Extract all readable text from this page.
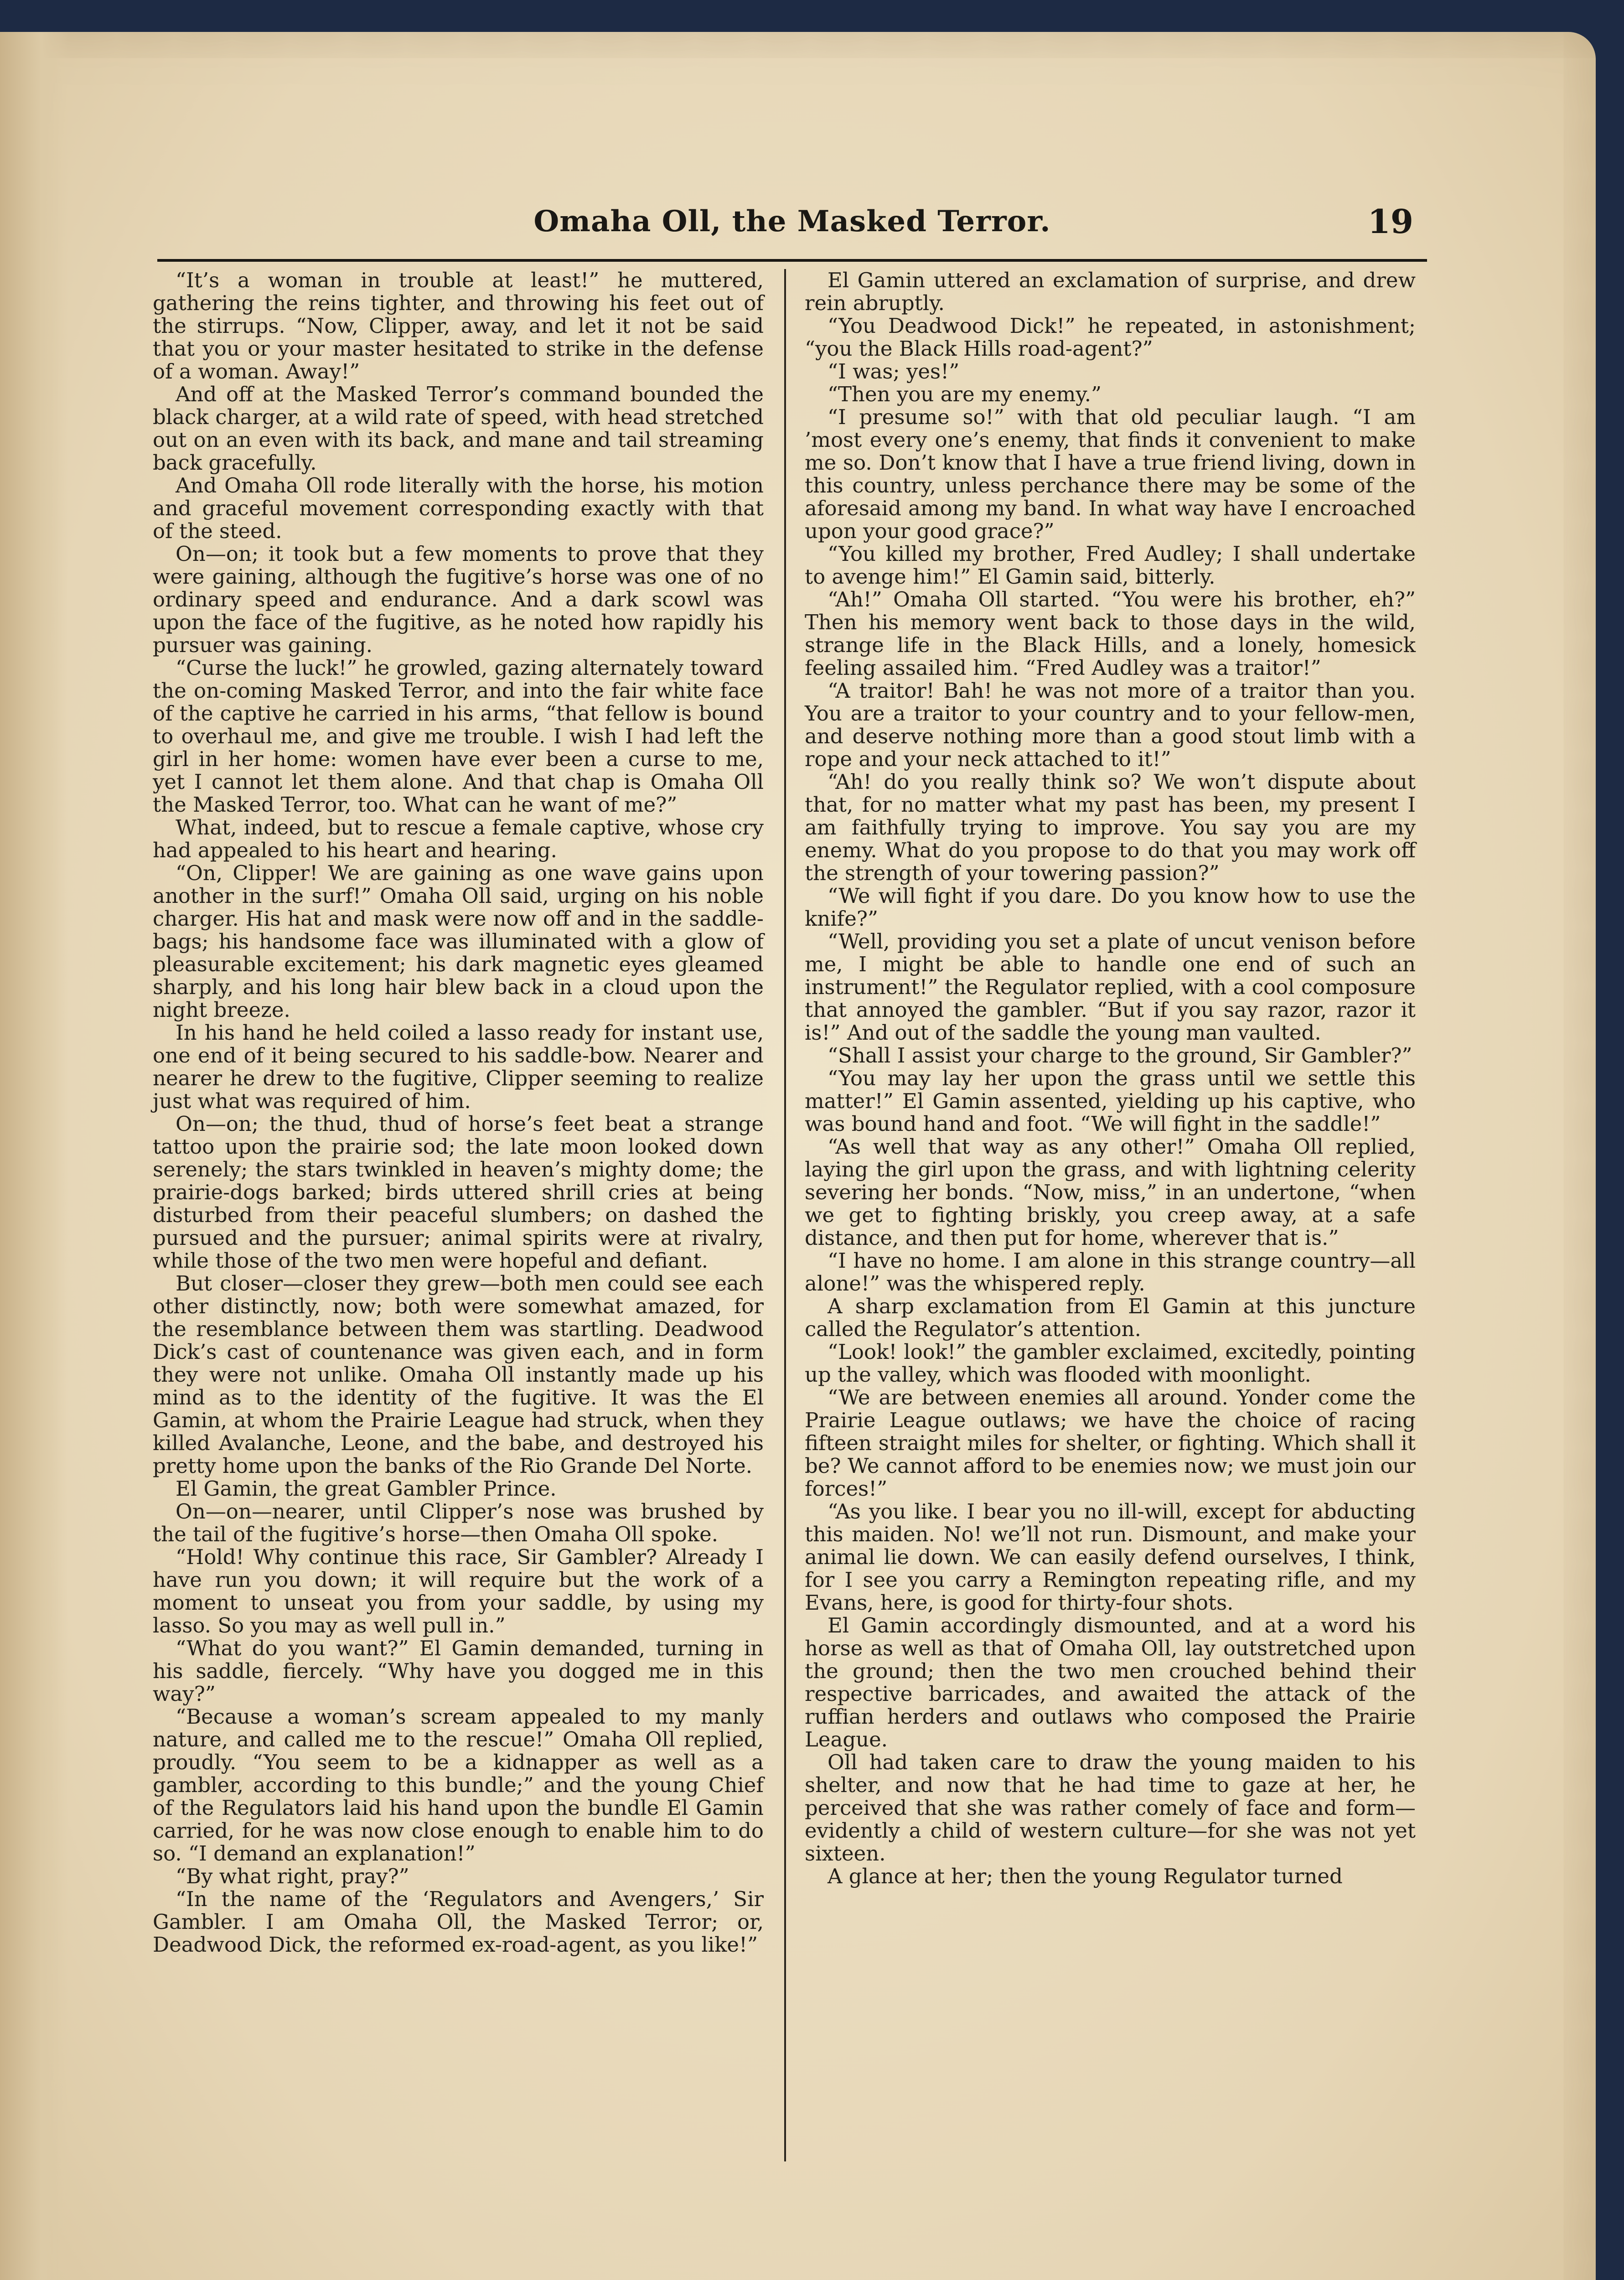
Omaha Oll, the Masked Terror.	19

“It’s a woman in trouble at least!” he muttered, gathering the reins tighter, and throwing his feet out of the stirrups. “Now, Clipper, away, and let it not be said that you or your master hesitated to strike in the defense of a woman. Away!”

And off at the Masked Terror’s command bounded the black charger, at a wild rate of speed, with head stretched out on an even with its back, and mane and tail streaming back gracefully.

And Omaha Oll rode literally with the horse, his motion and graceful movement corresponding exactly with that of the steed.

On—on; it took but a few moments to prove that they were gaining, although the fugitive’s horse was one of no ordinary speed and endurance. And a dark scowl was upon the face of the fugitive, as he noted how rapidly his pursuer was gaining.

“Curse the luck!” he growled, gazing alternately toward the on-coming Masked Terror, and into the fair white face of the captive he carried in his arms, “that fellow is bound to overhaul me, and give me trouble. I wish I had left the girl in her home: women have ever been a curse to me, yet I cannot let them alone. And that chap is Omaha Oll the Masked Terror, too. What can he want of me?”

What, indeed, but to rescue a female captive, whose cry had appealed to his heart and hearing.

“On, Clipper! We are gaining as one wave gains upon another in the surf!” Omaha Oll said, urging on his noble charger. His hat and mask were now off and in the saddle-bags; his handsome face was illuminated with a glow of pleasurable excitement; his dark magnetic eyes gleamed sharply, and his long hair blew back in a cloud upon the night breeze.

In his hand he held coiled a lasso ready for instant use, one end of it being secured to his saddle-bow. Nearer and nearer he drew to the fugitive, Clipper seeming to realize just what was required of him.

On—on; the thud, thud of horse’s feet beat a strange tattoo upon the prairie sod; the late moon looked down serenely; the stars twinkled in heaven’s mighty dome; the prairie-dogs barked; birds uttered shrill cries at being disturbed from their peaceful slumbers; on dashed the pursued and the pursuer; animal spirits were at rivalry, while those of the two men were hopeful and defiant.

But closer—closer they grew—both men could see each other distinctly, now; both were somewhat amazed, for the resemblance between them was startling. Deadwood Dick’s cast of countenance was given each, and in form they were not unlike. Omaha Oll instantly made up his mind as to the identity of the fugitive. It was the El Gamin, at whom the Prairie League had struck, when they killed Avalanche, Leone, and the babe, and destroyed his pretty home upon the banks of the Rio Grande Del Norte.

El Gamin, the great Gambler Prince.

On—on—nearer, until Clipper’s nose was brushed by the tail of the fugitive’s horse—then Omaha Oll spoke.

“Hold! Why continue this race, Sir Gambler? Already I have run you down; it will require but the work of a moment to unseat you from your saddle, by using my lasso. So you may as well pull in.”

“What do you want?” El Gamin demanded, turning in his saddle, fiercely. “Why have you dogged me in this way?”

“Because a woman’s scream appealed to my manly nature, and called me to the rescue!” Omaha Oll replied, proudly. “You seem to be a kidnapper as well as a gambler, according to this bundle;” and the young Chief of the Regulators laid his hand upon the bundle El Gamin carried, for he was now close enough to enable him to do so. “I demand an explanation!”

“By what right, pray?”

“In the name of the ‘Regulators and Avengers,’ Sir Gambler. I am Omaha Oll, the Masked Terror; or, Deadwood Dick, the reformed ex-road-agent, as you like!”

El Gamin uttered an exclamation of surprise, and drew rein abruptly.

“You Deadwood Dick!” he repeated, in astonishment; “you the Black Hills road-agent?”

“I was; yes!”

“Then you are my enemy.”

“I presume so!” with that old peculiar laugh. “I am ’most every one’s enemy, that finds it convenient to make me so. Don’t know that I have a true friend living, down in this country, unless perchance there may be some of the aforesaid among my band. In what way have I encroached upon your good grace?”

“You killed my brother, Fred Audley; I shall undertake to avenge him!” El Gamin said, bitterly.

“Ah!” Omaha Oll started. “You were his brother, eh?” Then his memory went back to those days in the wild, strange life in the Black Hills, and a lonely, homesick feeling assailed him. “Fred Audley was a traitor!”

“A traitor! Bah! he was not more of a traitor than you. You are a traitor to your country and to your fellow-men, and deserve nothing more than a good stout limb with a rope and your neck attached to it!”

“Ah! do you really think so? We won’t dispute about that, for no matter what my past has been, my present I am faithfully trying to improve. You say you are my enemy. What do you propose to do that you may work off the strength of your towering passion?”

“We will fight if you dare. Do you know how to use the knife?”

“Well, providing you set a plate of uncut venison before me, I might be able to handle one end of such an instrument!” the Regulator replied, with a cool composure that annoyed the gambler. “But if you say razor, razor it is!” And out of the saddle the young man vaulted.

“Shall I assist your charge to the ground, Sir Gambler?”

“You may lay her upon the grass until we settle this matter!” El Gamin assented, yielding up his captive, who was bound hand and foot. “We will fight in the saddle!”

“As well that way as any other!” Omaha Oll replied, laying the girl upon the grass, and with lightning celerity severing her bonds. “Now, miss,” in an undertone, “when we get to fighting briskly, you creep away, at a safe distance, and then put for home, wherever that is.”

“I have no home. I am alone in this strange country—all alone!” was the whispered reply.

A sharp exclamation from El Gamin at this juncture called the Regulator’s attention.

“Look! look!” the gambler exclaimed, excitedly, pointing up the valley, which was flooded with moonlight.

“We are between enemies all around. Yonder come the Prairie League outlaws; we have the choice of racing fifteen straight miles for shelter, or fighting. Which shall it be? We cannot afford to be enemies now; we must join our forces!”

“As you like. I bear you no ill-will, except for abducting this maiden. No! we’ll not run. Dismount, and make your animal lie down. We can easily defend ourselves, I think, for I see you carry a Remington repeating rifle, and my Evans, here, is good for thirty-four shots.

El Gamin accordingly dismounted, and at a word his horse as well as that of Omaha Oll, lay outstretched upon the ground; then the two men crouched behind their respective barricades, and awaited the attack of the ruffian herders and outlaws who composed the Prairie League.

Oll had taken care to draw the young maiden to his shelter, and now that he had time to gaze at her, he perceived that she was rather comely of face and form—evidently a child of western culture—for she was not yet sixteen.

A glance at her; then the young Regulator turned
